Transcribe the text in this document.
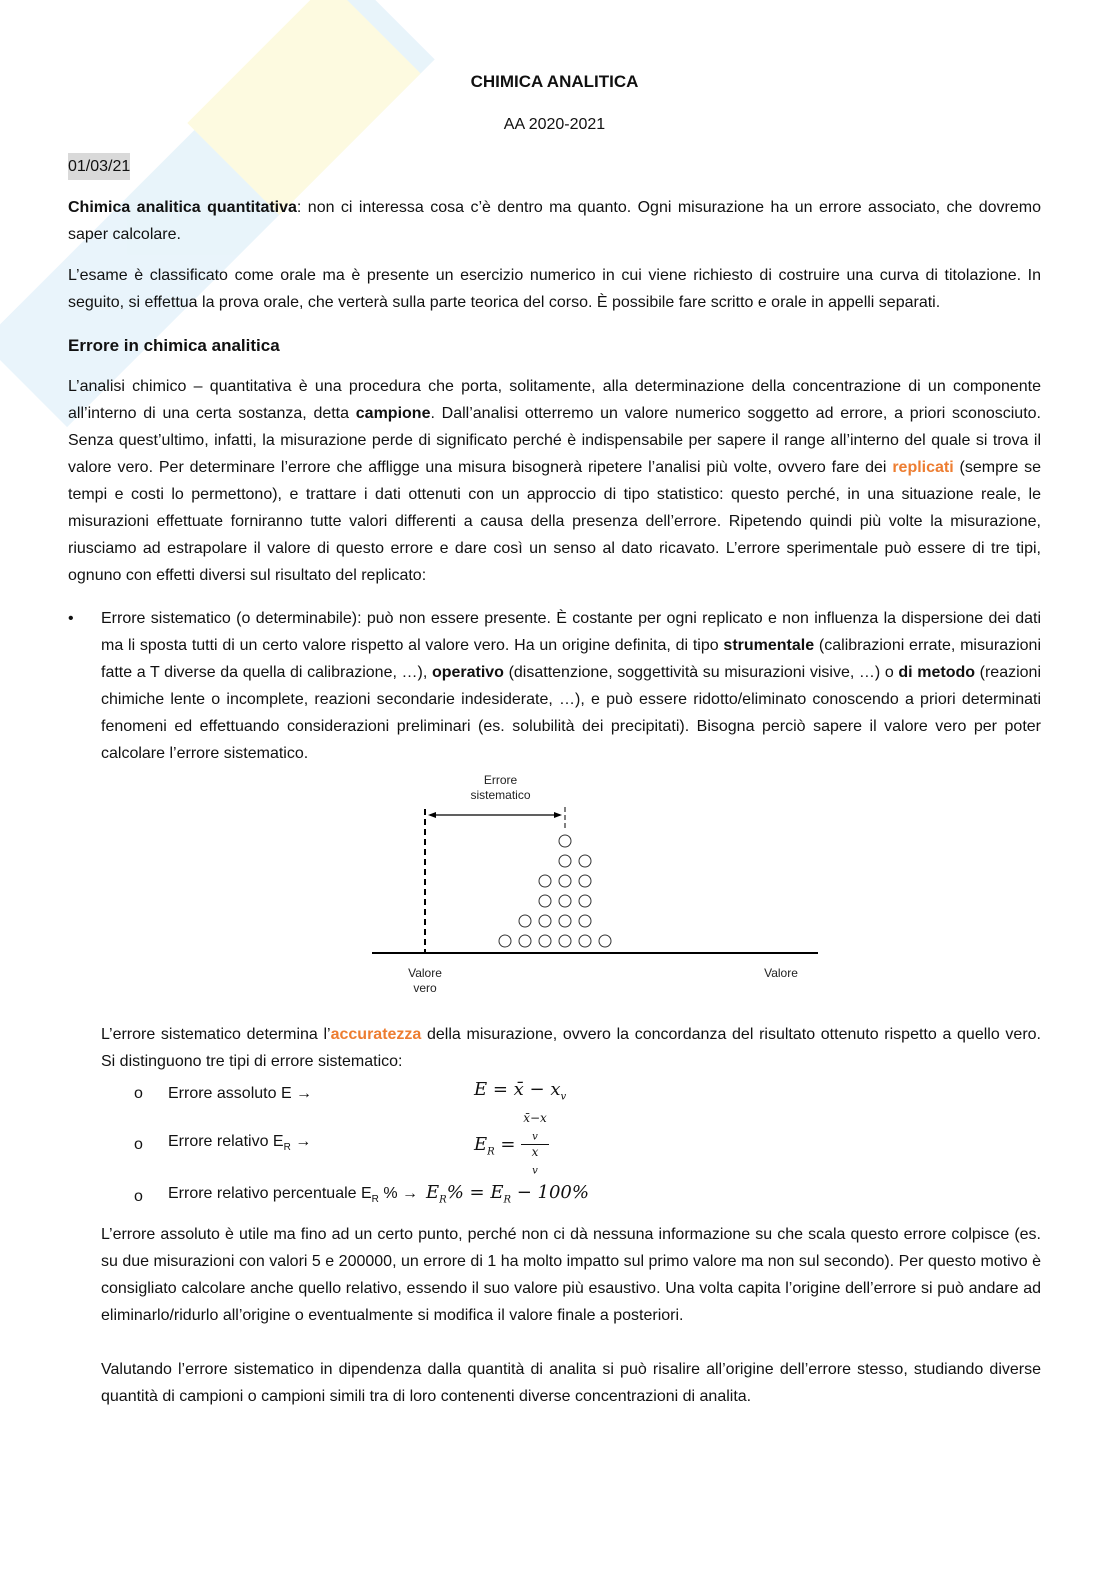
CHIMICA ANALITICA

AA 2020-2021

01/03/21

Chimica analitica quantitativa: non ci interessa cosa c’è dentro ma quanto. Ogni misurazione ha un errore associato, che dovremo saper calcolare.

L’esame è classificato come orale ma è presente un esercizio numerico in cui viene richiesto di costruire una curva di titolazione. In seguito, si effettua la prova orale, che verterà sulla parte teorica del corso. È possibile fare scritto e orale in appelli separati.

Errore in chimica analitica

L’analisi chimico – quantitativa è una procedura che porta, solitamente, alla determinazione della concentrazione di un componente all’interno di una certa sostanza, detta campione. Dall’analisi otterremo un valore numerico soggetto ad errore, a priori sconosciuto. Senza quest’ultimo, infatti, la misurazione perde di significato perché è indispensabile per sapere il range all’interno del quale si trova il valore vero. Per determinare l’errore che affligge una misura bisognerà ripetere l’analisi più volte, ovvero fare dei replicati (sempre se tempi e costi lo permettono), e trattare i dati ottenuti con un approccio di tipo statistico: questo perché, in una situazione reale, le misurazioni effettuate forniranno tutte valori differenti a causa della presenza dell’errore. Ripetendo quindi più volte la misurazione, riusciamo ad estrapolare il valore di questo errore e dare così un senso al dato ricavato. L’errore sperimentale può essere di tre tipi, ognuno con effetti diversi sul risultato del replicato:

• Errore sistematico (o determinabile): può non essere presente. È costante per ogni replicato e non influenza la dispersione dei dati ma li sposta tutti di un certo valore rispetto al valore vero. Ha un origine definita, di tipo strumentale (calibrazioni errate, misurazioni fatte a T diverse da quella di calibrazione, …), operativo (disattenzione, soggettività su misurazioni visive, …) o di metodo (reazioni chimiche lente o incomplete, reazioni secondarie indesiderate, …), e può essere ridotto/eliminato conoscendo a priori determinati fenomeni ed effettuando considerazioni preliminari (es. solubilità dei precipitati). Bisogna perciò sapere il valore vero per poter calcolare l’errore sistematico.

Errore sistematico
Valore vero
Valore

L’errore sistematico determina l’accuratezza della misurazione, ovvero la concordanza del risultato ottenuto rispetto a quello vero. Si distinguono tre tipi di errore sistematico:

o	Errore assoluto E →	E = x̄ − $x_v$
o	Errore relativo $E_R$ →	$E_R$ = x̄−x
$_v$
x
$_v$
o	Errore relativo percentuale $E_R$ % → $E_R\% = E_R - 100\%$

L’errore assoluto è utile ma fino ad un certo punto, perché non ci dà nessuna informazione su che scala questo errore colpisce (es. su due misurazioni con valori 5 e 200000, un errore di 1 ha molto impatto sul primo valore ma non sul secondo). Per questo motivo è consigliato calcolare anche quello relativo, essendo il suo valore più esaustivo. Una volta capita l’origine dell’errore si può andare ad eliminarlo/ridurlo all’origine o eventualmente si modifica il valore finale a posteriori.

Valutando l’errore sistematico in dipendenza dalla quantità di analita si può risalire all’origine dell’errore stesso, studiando diverse quantità di campioni o campioni simili tra di loro contenenti diverse concentrazioni di analita.
